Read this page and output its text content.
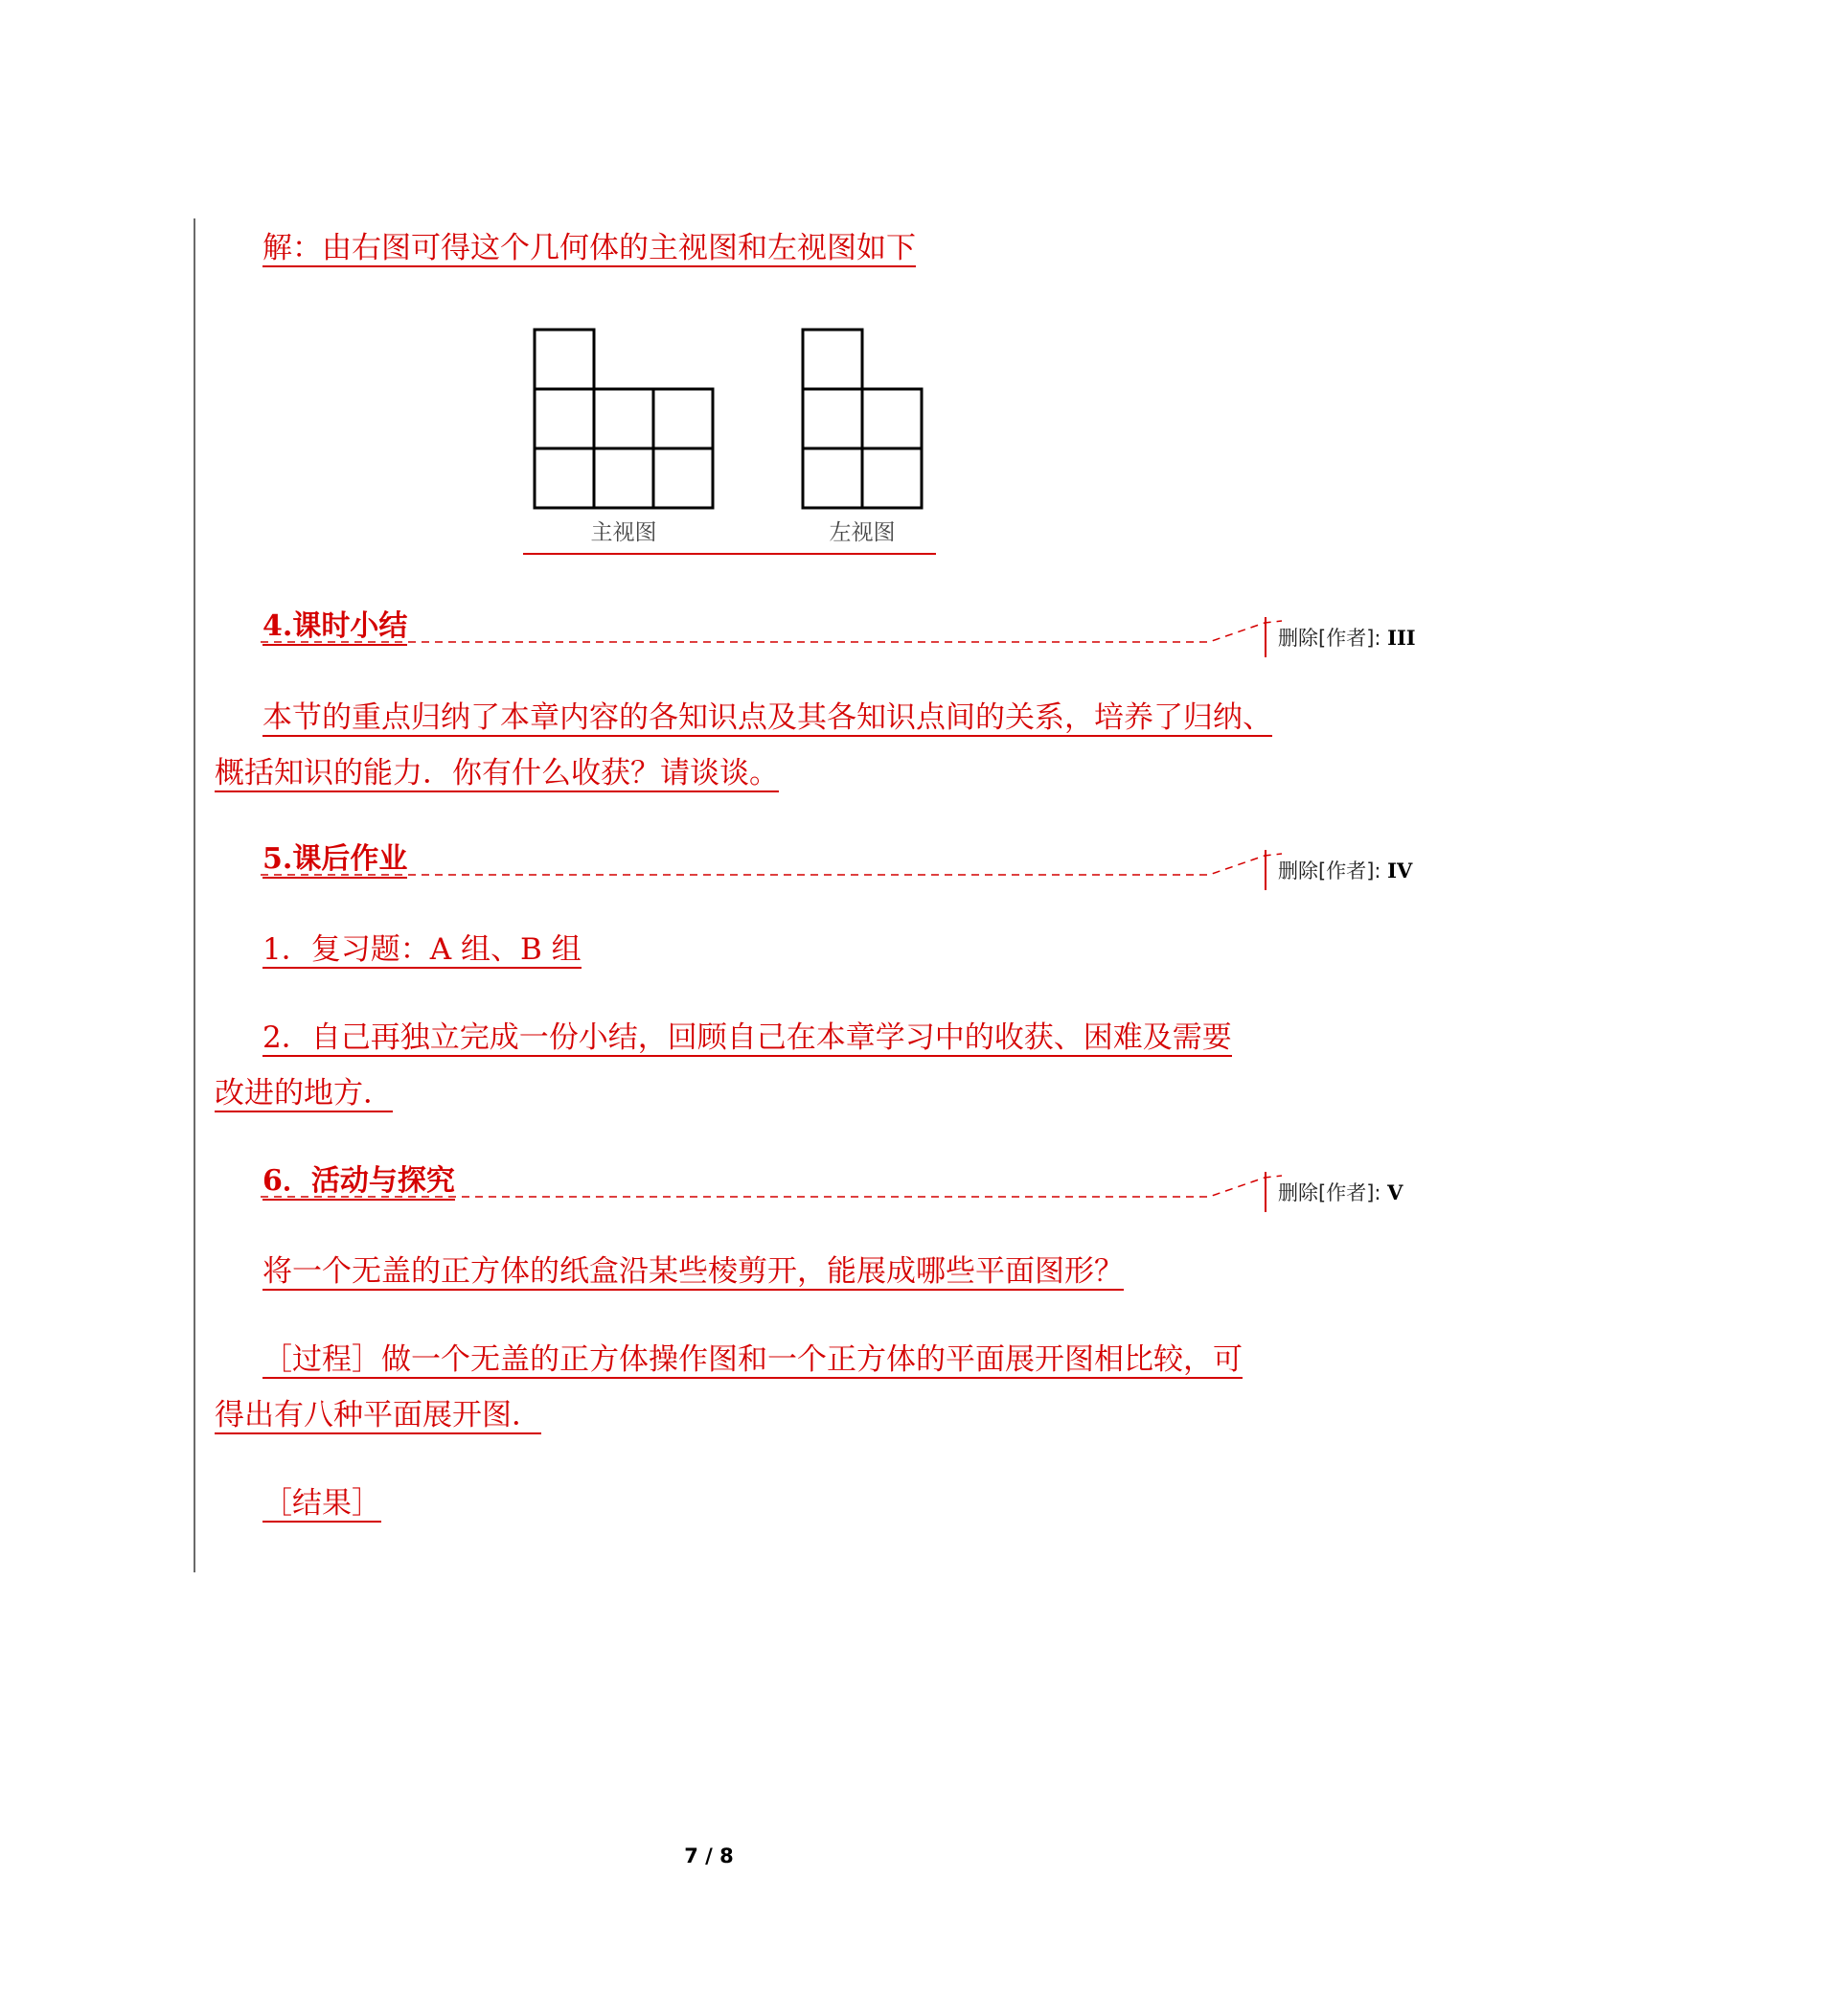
解：由右图可得这个几何体的主视图和左视图如下

主视图	左视图

4.课时小结

本节的重点归纳了本章内容的各知识点及其各知识点间的关系，培养了归纳、

概括知识的能力．你有什么收获？请谈谈。

5.课后作业

1．复习题：A 组、B 组

2．自己再独立完成一份小结，回顾自己在本章学习中的收获、困难及需要

改进的地方．

6．活动与探究

将一个无盖的正方体的纸盒沿某些棱剪开，能展成哪些平面图形？

［过程］做一个无盖的正方体操作图和一个正方体的平面展开图相比较，可

得出有八种平面展开图．

［结果］

删除[作者]: III
删除[作者]: IV
删除[作者]: V
7 / 8
